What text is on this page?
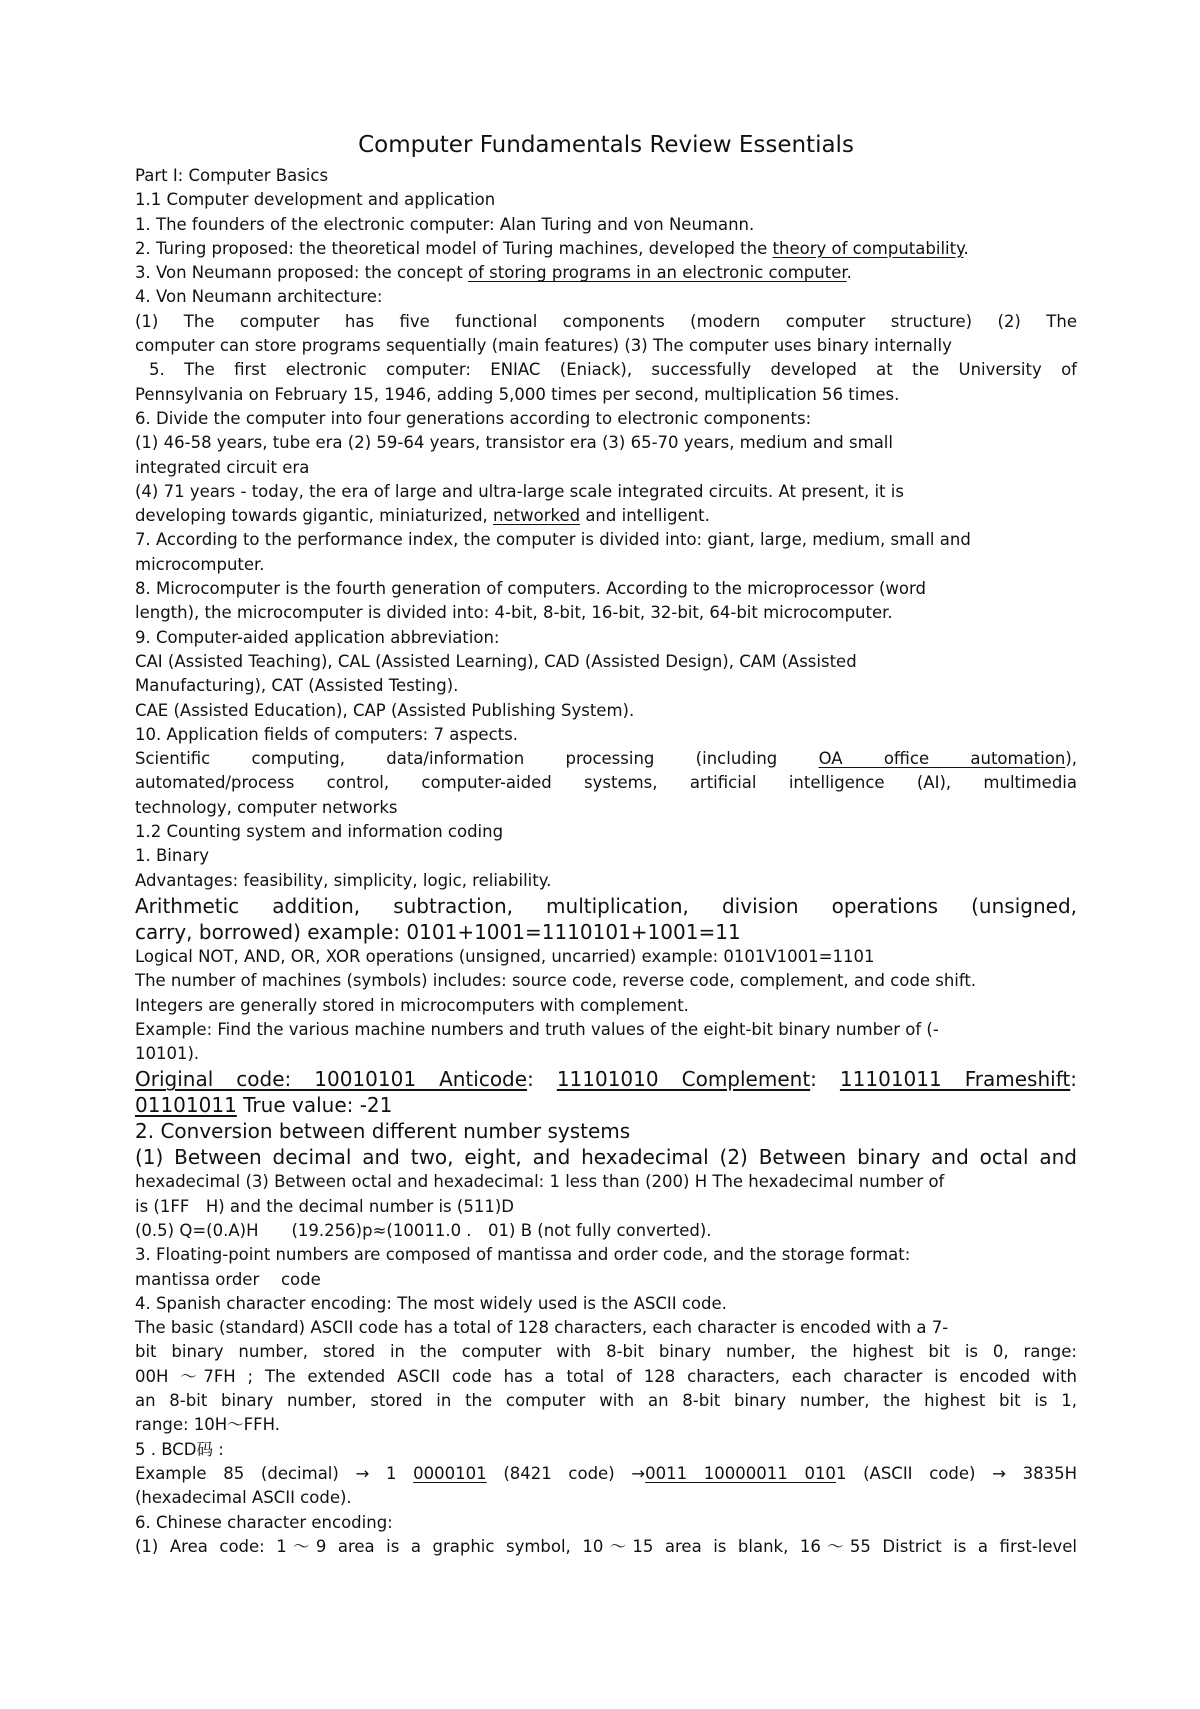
Computer Fundamentals Review Essentials

Part I: Computer Basics

1.1 Computer development and application

1. The founders of the electronic computer: Alan Turing and von Neumann.

2. Turing proposed: the theoretical model of Turing machines, developed the theory of computability.

3. Von Neumann proposed: the concept of storing programs in an electronic computer.

4. Von Neumann architecture:

(1) The computer has five functional components (modern computer structure) (2) The

computer can store programs sequentially (main features) (3) The computer uses binary internally

5. The first electronic computer: ENIAC (Eniack), successfully developed at the University of

Pennsylvania on February 15, 1946, adding 5,000 times per second, multiplication 56 times.

6. Divide the computer into four generations according to electronic components:

(1) 46-58 years, tube era (2) 59-64 years, transistor era (3) 65-70 years, medium and small

integrated circuit era

(4) 71 years - today, the era of large and ultra-large scale integrated circuits. At present, it is

developing towards gigantic, miniaturized, networked and intelligent.

7. According to the performance index, the computer is divided into: giant, large, medium, small and

microcomputer.

8. Microcomputer is the fourth generation of computers. According to the microprocessor (word

length), the microcomputer is divided into: 4-bit, 8-bit, 16-bit, 32-bit, 64-bit microcomputer.

9. Computer-aided application abbreviation:

CAI (Assisted Teaching), CAL (Assisted Learning), CAD (Assisted Design), CAM (Assisted

Manufacturing), CAT (Assisted Testing).

CAE (Assisted Education), CAP (Assisted Publishing System).

10. Application fields of computers: 7 aspects.

Scientific computing, data/information processing (including OA office automation),

automated/process control, computer-aided systems, artificial intelligence (AI), multimedia

technology, computer networks

1.2 Counting system and information coding

1. Binary

Advantages: feasibility, simplicity, logic, reliability.

Arithmetic addition, subtraction, multiplication, division operations (unsigned,

carry, borrowed) example: 0101+1001=1110101+1001=11

Logical NOT, AND, OR, XOR operations (unsigned, uncarried) example: 0101V1001=1101

The number of machines (symbols) includes: source code, reverse code, complement, and code shift.

Integers are generally stored in microcomputers with complement.

Example: Find the various machine numbers and truth values of the eight-bit binary number of (-

10101).

Original code: 10010101 Anticode: 11101010 Complement: 11101011 Frameshift:

01101011 True value: -21

2. Conversion between different number systems

(1) Between decimal and two, eight, and hexadecimal (2) Between binary and octal and

hexadecimal (3) Between octal and hexadecimal: 1 less than (200) H The hexadecimal number of

is (1FF H) and the decimal number is (511)D

(0.5) Q=(0.A)H  (19.256)p≈(10011.0 . 01) B (not fully converted).

3. Floating-point numbers are composed of mantissa and order code, and the storage format:

mantissa order  code

4. Spanish character encoding: The most widely used is the ASCII code.

The basic (standard) ASCII code has a total of 128 characters, each character is encoded with a 7-

bit binary number, stored in the computer with 8-bit binary number, the highest bit is 0, range:

00H ～7FH ; The extended ASCII code has a total of 128 characters, each character is encoded with

an 8-bit binary number, stored in the computer with an 8-bit binary number, the highest bit is 1,

range: 10H～FFH.

5 . BCD码 :

Example 85 (decimal) → 1 0000101 (8421 code) →0011 10000011 0101 (ASCII code) → 3835H

(hexadecimal ASCII code).

6. Chinese character encoding:

(1) Area code: 1～9 area is a graphic symbol, 10～15 area is blank, 16～55 District is a first-level
